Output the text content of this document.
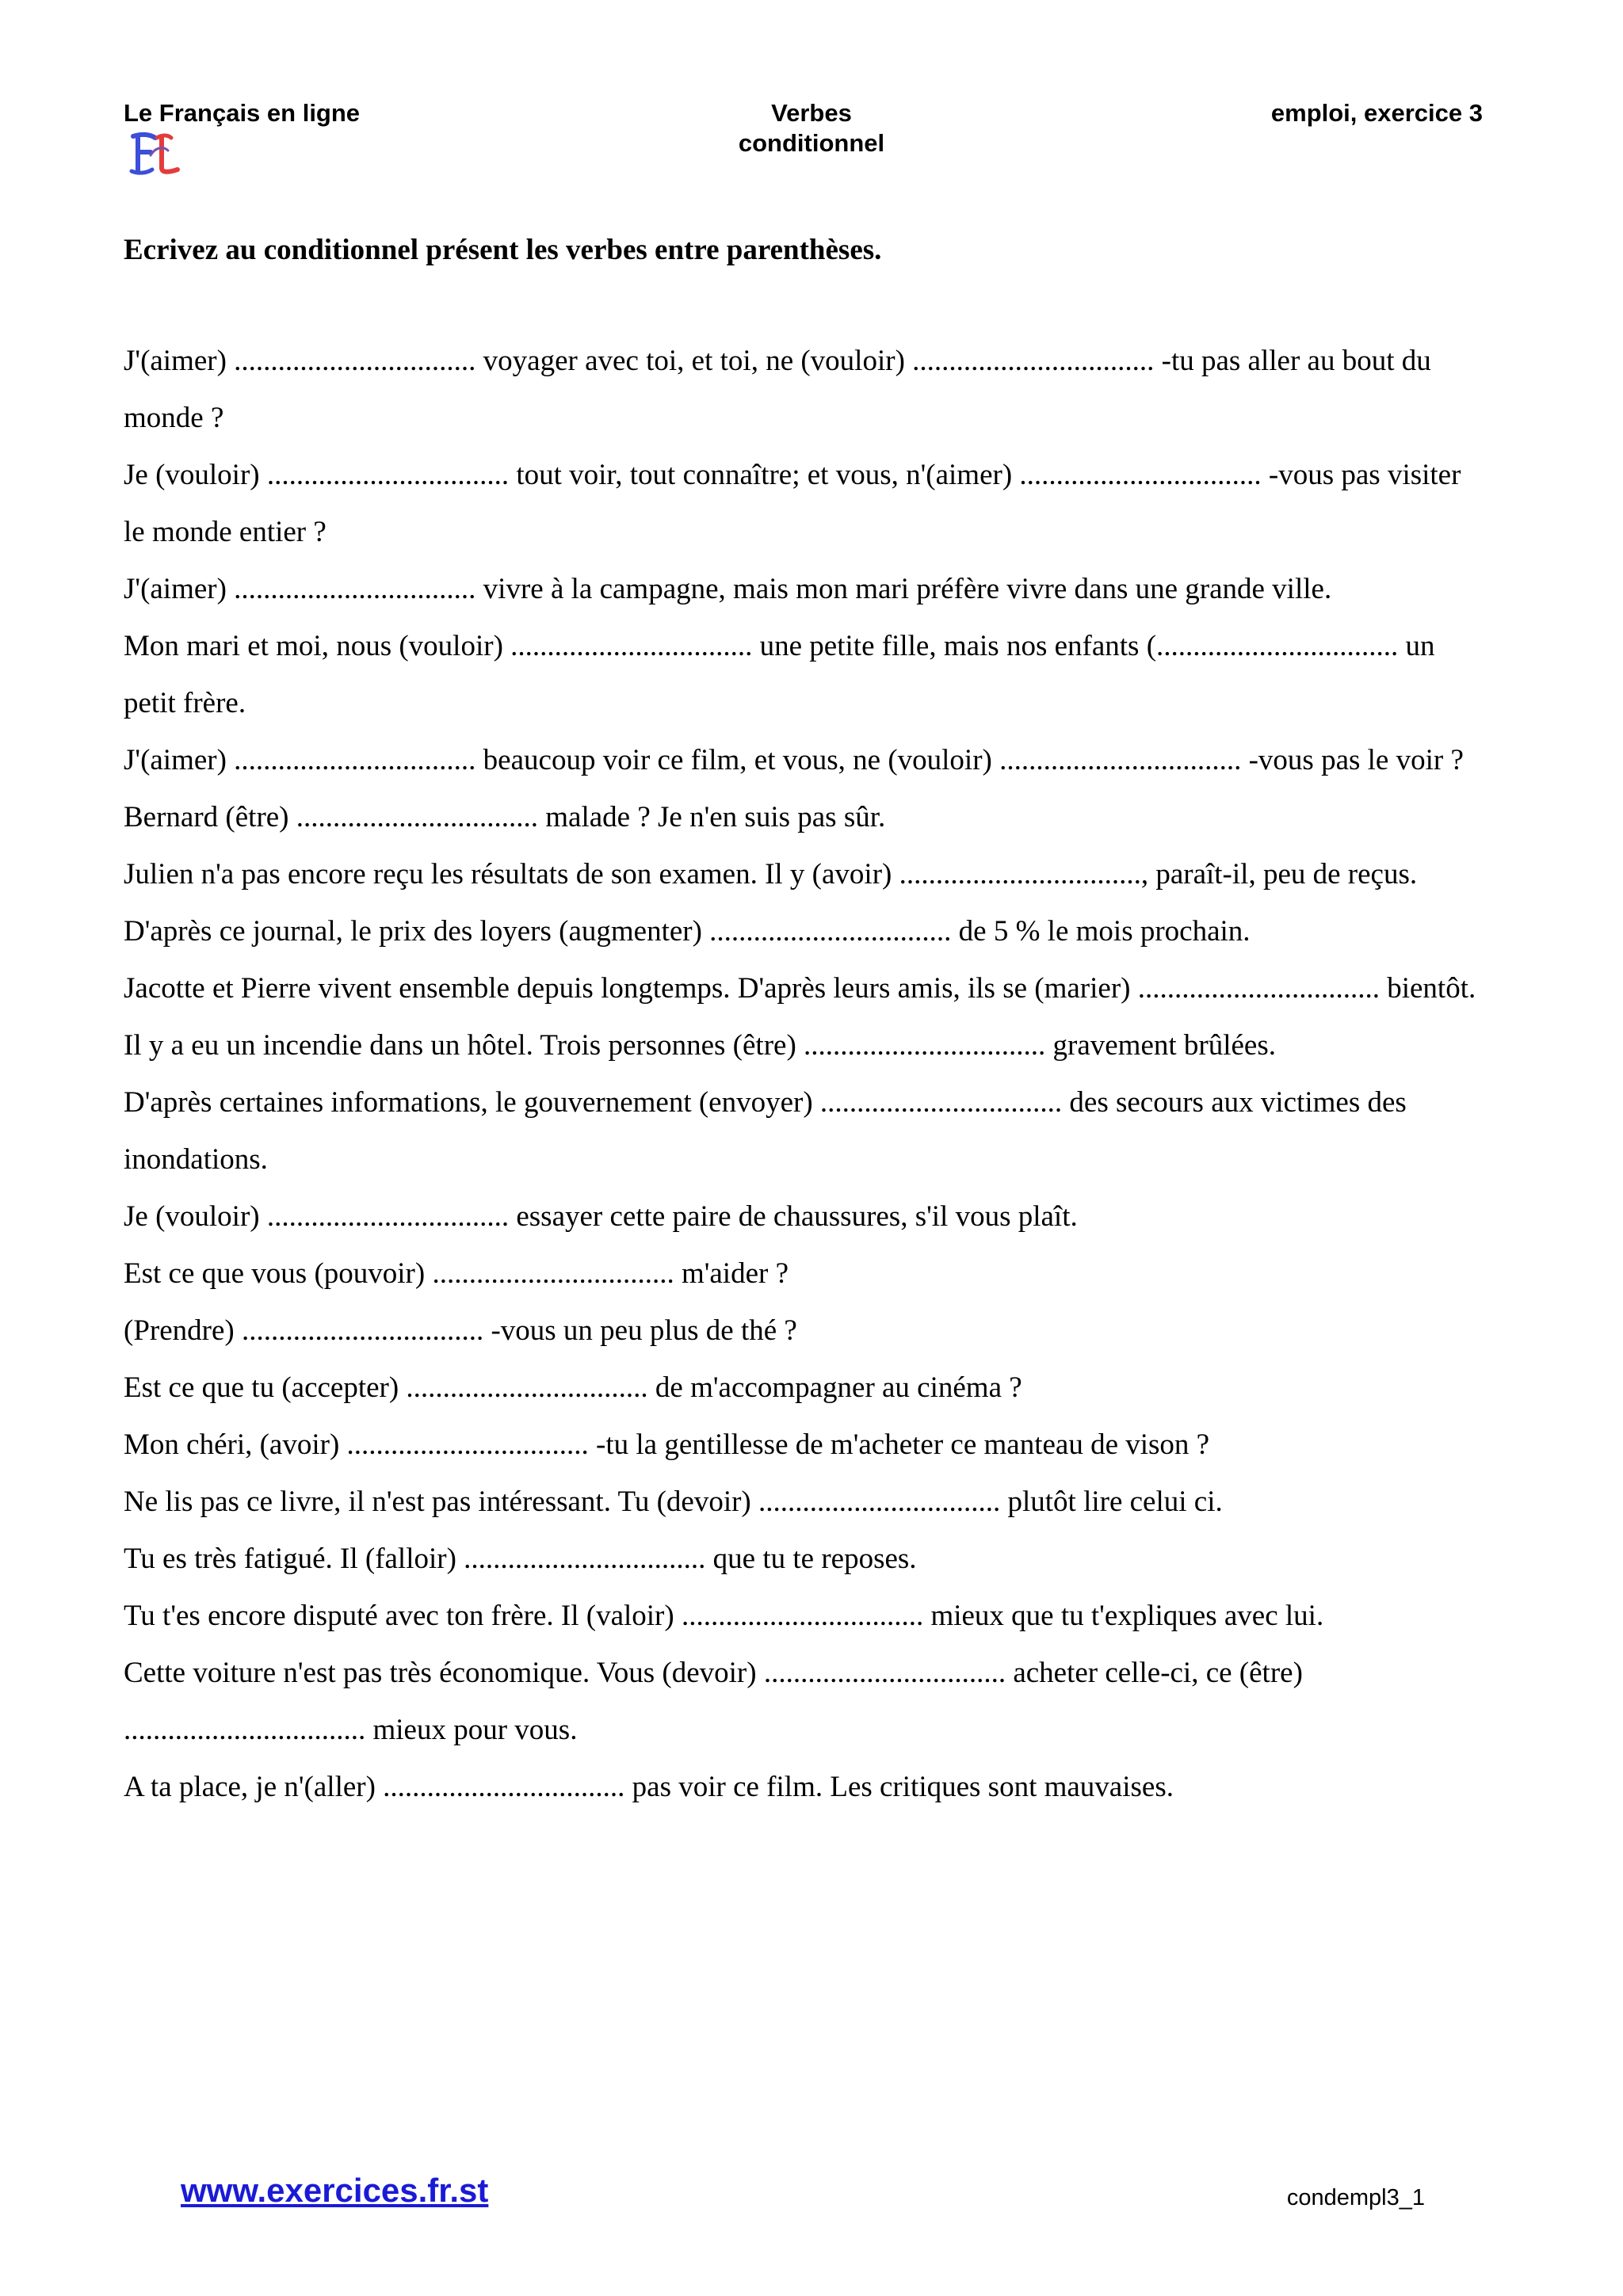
Le Français en ligne	Verbes
conditionnel
emploi, exercice 3
Ecrivez au conditionnel présent les verbes entre parenthèses.
J'(aimer) ................................. voyager avec toi, et toi, ne (vouloir) ................................. -tu pas aller au bout du monde ?
Je (vouloir) ................................. tout voir, tout connaître; et vous, n'(aimer) ................................. -vous pas visiter le monde entier ?
J'(aimer) ................................. vivre à la campagne, mais mon mari préfère vivre dans une grande ville.
Mon mari et moi, nous (vouloir) ................................. une petite fille, mais nos enfants (................................. un petit frère.
J'(aimer) ................................. beaucoup voir ce film, et vous, ne (vouloir) ................................. -vous pas le voir ?
Bernard (être) ................................. malade ? Je n'en suis pas sûr.
Julien n'a pas encore reçu les résultats de son examen. Il y (avoir) ................................., paraît-il, peu de reçus.
D'après ce journal, le prix des loyers (augmenter) ................................. de 5 % le mois prochain.
Jacotte et Pierre vivent ensemble depuis longtemps. D'après leurs amis, ils se (marier) ................................. bientôt.
Il y a eu un incendie dans un hôtel. Trois personnes (être) ................................. gravement brûlées.
D'après certaines informations, le gouvernement (envoyer) ................................. des secours aux victimes des inondations.
Je (vouloir) ................................. essayer cette paire de chaussures, s'il vous plaît.
Est ce que vous (pouvoir) ................................. m'aider ?
(Prendre) ................................. -vous un peu plus de thé ?
Est ce que tu (accepter) ................................. de m'accompagner au cinéma ?
Mon chéri, (avoir) ................................. -tu la gentillesse de m'acheter ce manteau de vison ?
Ne lis pas ce livre, il n'est pas intéressant. Tu (devoir) ................................. plutôt lire celui ci.
Tu es très fatigué. Il (falloir) ................................. que tu te reposes.
Tu t'es encore disputé avec ton frère. Il (valoir) ................................. mieux que tu t'expliques avec lui.
Cette voiture n'est pas très économique. Vous (devoir) ................................. acheter celle-ci, ce (être) ................................. mieux pour vous.
A ta place, je n'(aller) ................................. pas voir ce film. Les critiques sont mauvaises.
www.exercices.fr.st	condempl3_1
